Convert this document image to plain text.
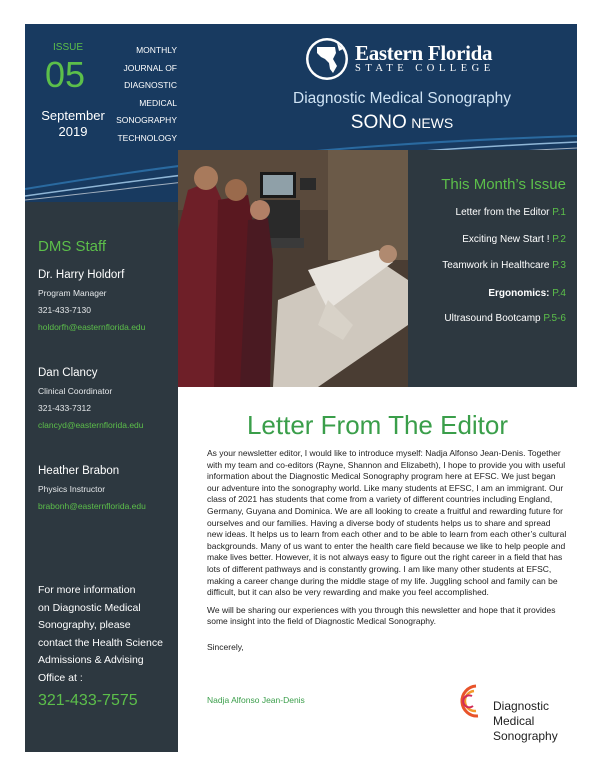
ISSUE
05
September
2019
MONTHLY
JOURNAL OF
DIAGNOSTIC
MEDICAL
SONOGRAPHY
TECHNOLOGY
Eastern Florida
STATE COLLEGE
Diagnostic Medical Sonography
SONO NEWS
DMS Staff
Dr. Harry Holdorf
Program Manager
321-433-7130
holdorfh@easternflorida.edu
Dan Clancy
Clinical Coordinator
321-433-7312
clancyd@easternflorida.edu
Heather Brabon
Physics Instructor
brabonh@easternflorida.edu
For more information
on Diagnostic Medical
Sonography, please
contact the Health Science
Admissions & Advising
Office at :
321-433-7575
This Month’s Issue
Letter from the Editor P.1
Exciting New Start ! P.2
Teamwork in Healthcare P.3
Ergonomics: P.4
Ultrasound Bootcamp P.5-6
Letter From The Editor

As your newsletter editor, I would like to introduce myself: Nadja Alfonso Jean-Denis. Together with my team and co-editors (Rayne, Shannon and Elizabeth), I hope to provide you with useful information about the Diagnostic Medical Sonography program here at EFSC. We just began our adventure into the sonography world. Like many students at EFSC, I am an immigrant. Our class of 2021 has students that come from a variety of different countries including England, Germany, Guyana and Dominica. We are all looking to create a fruitful and rewarding future for ourselves and our families. Having a diverse body of students helps us to share and spread new ideas. It helps us to learn from each other and to be able to learn from each other’s cultural backgrounds. Many of us want to enter the health care field because we like to help people and make lives better. However, it is not always easy to figure out the right career in a field that has lots of different pathways and is constantly growing. I am like many other students at EFSC, making a career change during the middle stage of my life. Juggling school and family can be difficult, but it can also be very rewarding and make you feel accomplished.

We will be sharing our experiences with you through this newsletter and hope that it provides some insight into the field of Diagnostic Medical Sonography.

Sincerely,

Nadja Alfonso Jean-Denis	Diagnostic
Medical
Sonography
